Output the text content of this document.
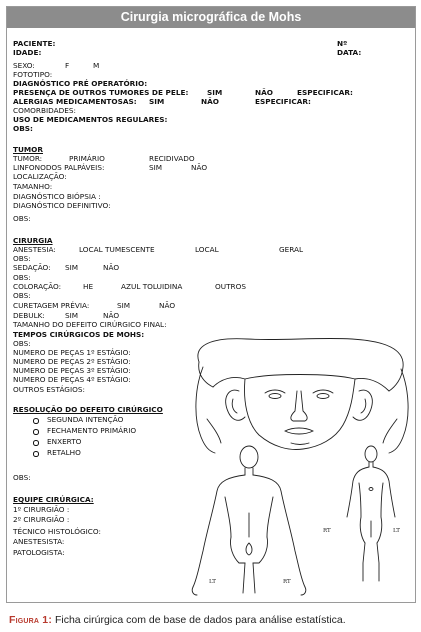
Cirurgia micrográfica de Mohs
PACIENTE:	Nº
IDADE:	DATA:
SEXO:	F	M
FOTOTIPO:
DIAGNÓSTICO PRÉ OPERATÓRIO:
PRESENÇA DE OUTROS TUMORES DE PELE:	SIM	NÃO	ESPECIFICAR:
ALERGIAS MEDICAMENTOSAS: SIM	NÃO	ESPECIFICAR:
COMORBIDADES:
USO DE MEDICAMENTOS REGULARES:
OBS:
TUMOR
TUMOR:	PRIMÁRIO	RECIDIVADO
LINFONODOS PALPÁVEIS:	SIM	NÃO
LOCALIZAÇÃO:
TAMANHO:
DIAGNÓSTICO BIÓPSIA :
DIAGNÓSTICO DEFINITIVO:
OBS:
CIRURGIA
ANESTESIA:	LOCAL TUMESCENTE	LOCAL	GERAL
OBS:
SEDAÇÃO: SIM	NÃO
OBS:
COLORAÇÃO:	HE	AZUL TOLUIDINA	OUTROS
OBS:
CURETAGEM PRÉVIA:	SIM	NÃO
DEBULK:	SIM	NÃO
TAMANHO DO DEFEITO CIRÚRGICO FINAL:
TEMPOS CIRÚRGICOS DE MOHS:
OBS:
NUMERO DE PEÇAS 1º ESTÁGIO:
NUMERO DE PEÇAS 2º ESTÁGIO:
NUMERO DE PEÇAS 3º ESTÁGIO:
NUMERO DE PEÇAS 4º ESTÁGIO:
OUTROS ESTÁGIOS:
RESOLUÇÃO DO DEFEITO CIRÚRGICO
SEGUNDA INTENÇÃO
FECHAMENTO PRIMÁRIO
ENXERTO
RETALHO
OBS:
EQUIPE CIRÚRGICA:
1º CIRURGIÃO :
2º CIRURGIÃO :
TÉCNICO HISTOLÓGICO:
ANESTESISTA:
PATOLOGISTA:
LT	RT
RT	LT
Figura 1: Ficha cirúrgica com de base de dados para análise estatística.
